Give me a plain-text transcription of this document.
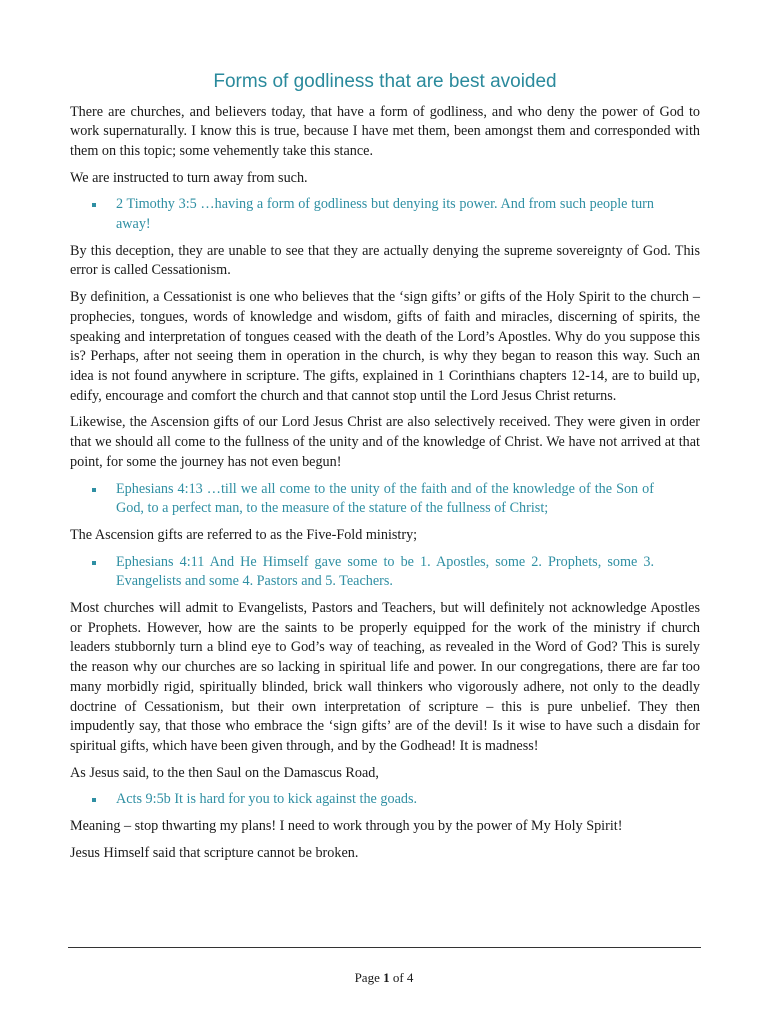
Forms of godliness that are best avoided

There are churches, and believers today, that have a form of godliness, and who deny the power of God to work supernaturally. I know this is true, because I have met them, been amongst them and corresponded with them on this topic; some vehemently take this stance.

We are instructed to turn away from such.

2 Timothy 3:5 …having a form of godliness but denying its power. And from such people turn away!

By this deception, they are unable to see that they are actually denying the supreme sovereignty of God. This error is called Cessationism.

By definition, a Cessationist is one who believes that the ‘sign gifts’ or gifts of the Holy Spirit to the church – prophecies, tongues, words of knowledge and wisdom, gifts of faith and miracles, discerning of spirits, the speaking and interpretation of tongues ceased with the death of the Lord’s Apostles. Why do you suppose this is? Perhaps, after not seeing them in operation in the church, is why they began to reason this way. Such an idea is not found anywhere in scripture. The gifts, explained in 1 Corinthians chapters 12-14, are to build up, edify, encourage and comfort the church and that cannot stop until the Lord Jesus Christ returns.

Likewise, the Ascension gifts of our Lord Jesus Christ are also selectively received. They were given in order that we should all come to the fullness of the unity and of the knowledge of Christ. We have not arrived at that point, for some the journey has not even begun!

Ephesians 4:13 …till we all come to the unity of the faith and of the knowledge of the Son of God, to a perfect man, to the measure of the stature of the fullness of Christ;

The Ascension gifts are referred to as the Five-Fold ministry;

Ephesians 4:11 And He Himself gave some to be 1. Apostles, some 2. Prophets, some 3. Evangelists and some 4. Pastors and 5. Teachers.

Most churches will admit to Evangelists, Pastors and Teachers, but will definitely not acknowledge Apostles or Prophets. However, how are the saints to be properly equipped for the work of the ministry if church leaders stubbornly turn a blind eye to God’s way of teaching, as revealed in the Word of God? This is surely the reason why our churches are so lacking in spiritual life and power. In our congregations, there are far too many morbidly rigid, spiritually blinded, brick wall thinkers who vigorously adhere, not only to the deadly doctrine of Cessationism, but their own interpretation of scripture – this is pure unbelief. They then impudently say, that those who embrace the ‘sign gifts’ are of the devil! Is it wise to have such a disdain for spiritual gifts, which have been given through, and by the Godhead! It is madness!

As Jesus said, to the then Saul on the Damascus Road,

Acts 9:5b It is hard for you to kick against the goads.

Meaning – stop thwarting my plans! I need to work through you by the power of My Holy Spirit!

Jesus Himself said that scripture cannot be broken.

Page 1 of 4
